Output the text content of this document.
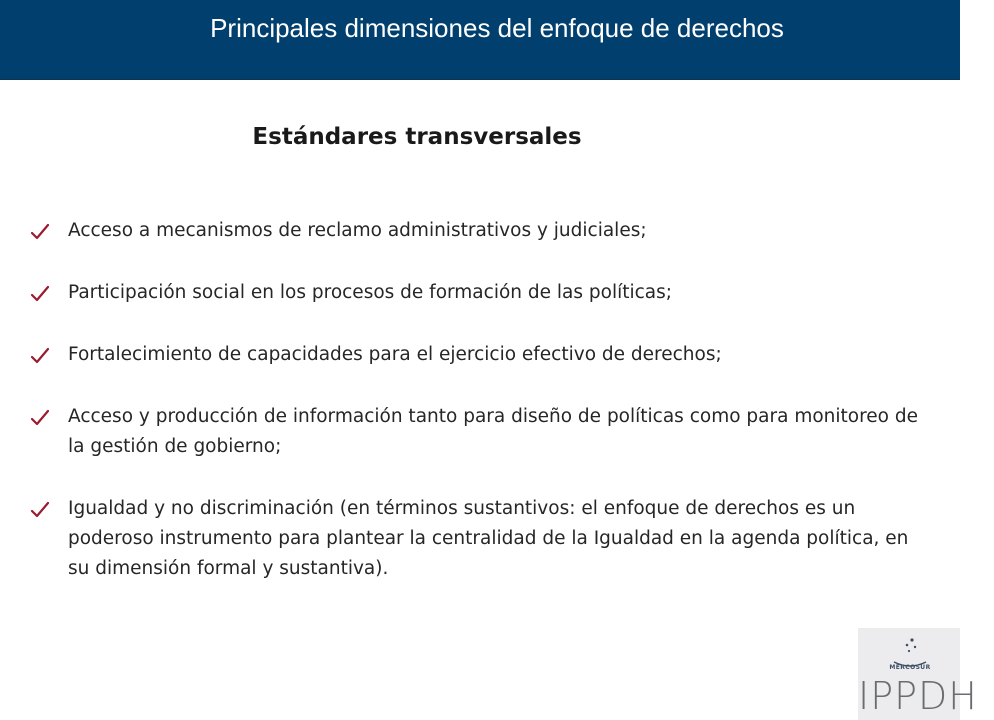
Principales dimensiones del enfoque de derechos
Estándares transversales
Acceso a mecanismos de reclamo administrativos y judiciales;
Participación social en los procesos de formación de las políticas;
Fortalecimiento de capacidades para el ejercicio efectivo de derechos;
Acceso y producción de información tanto para diseño de políticas como para monitoreo de la gestión de gobierno;
Igualdad y no discriminación (en términos sustantivos: el enfoque de derechos es un poderoso instrumento para plantear la centralidad de la Igualdad en la agenda política, en su dimensión formal y sustantiva).
MERCOSUR
IPPDH
